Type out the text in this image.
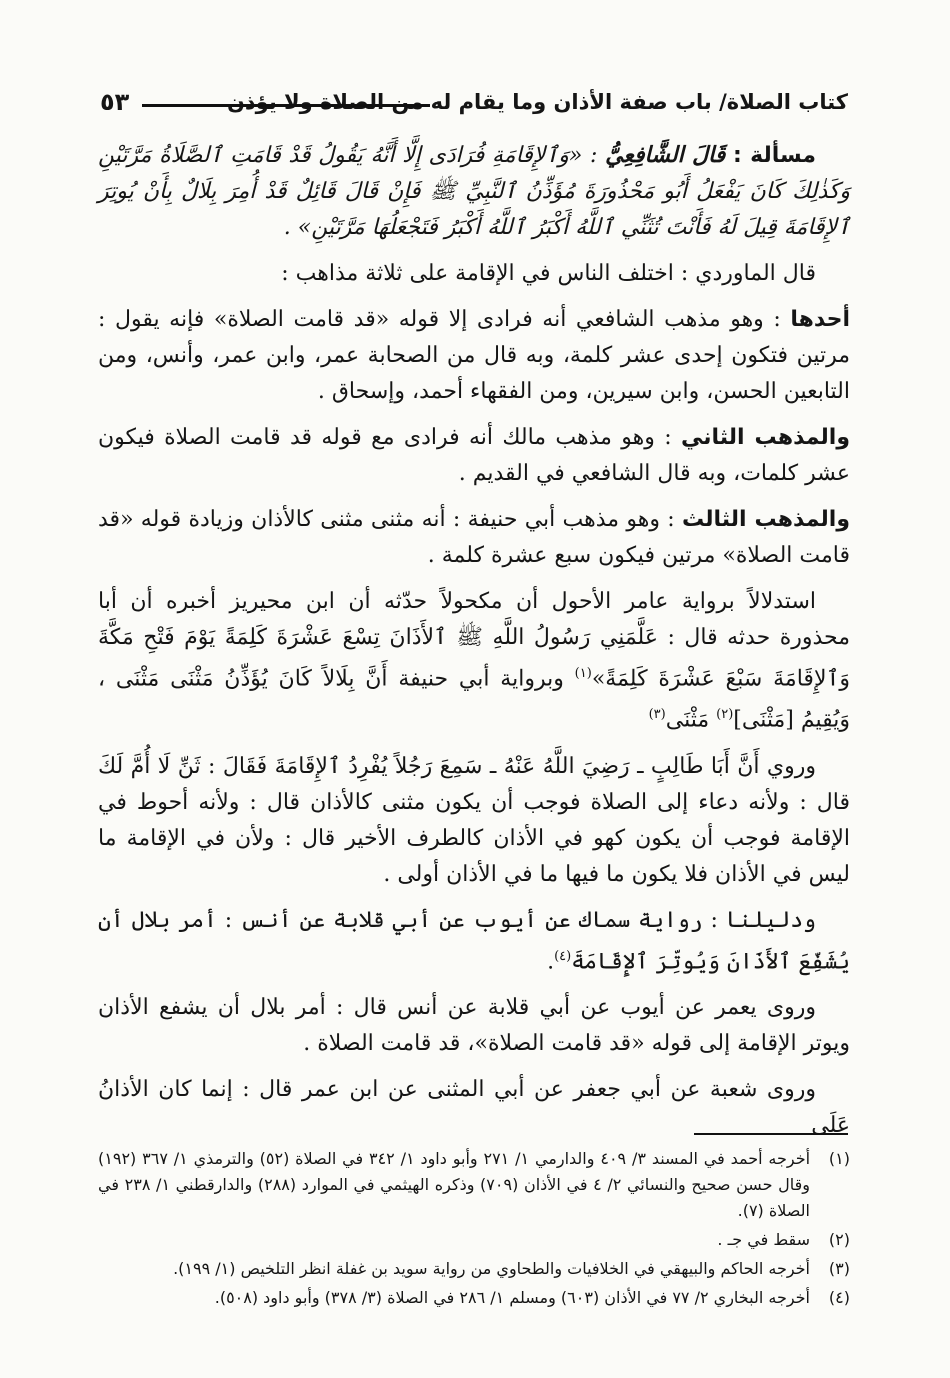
كتاب الصلاة/ باب صفة الأذان وما يقام له من الصلاة ولا يؤذن
٥٣

مسألة : قَالَ الشَّافِعِيُّ : «وَٱلإِقَامَةِ فُرَادَى إِلَّا أَنَّهُ يَقُولُ قَدْ قَامَتِ ٱلصَّلَاةُ مَرَّتَيْنِ وَكَذٰلِكَ كَانَ يَفْعَلُ أَبُو مَحْذُورَةَ مُؤَذِّنُ ٱلنَّبِيِّ ﷺ فَإِنْ قَالَ قَائِلٌ قَدْ أُمِرَ بِلَالٌ بِأَنْ يُوتِرَ ٱلإِقَامَةَ قِيلَ لَهُ فَأَنْتَ تُثَنِّي ٱللَّهُ أَكْبَرُ ٱللَّهُ أَكْبَرُ فَتَجْعَلُهَا مَرَّتَيْنِ» .

قال الماوردي : اختلف الناس في الإقامة على ثلاثة مذاهب :

أحدها : وهو مذهب الشافعي أنه فرادى إلا قوله «قد قامت الصلاة» فإنه يقول : مرتين فتكون إحدى عشر كلمة، وبه قال من الصحابة عمر، وابن عمر، وأنس، ومن التابعين الحسن، وابن سيرين، ومن الفقهاء أحمد، وإسحاق .

والمذهب الثاني : وهو مذهب مالك أنه فرادى مع قوله قد قامت الصلاة فيكون عشر كلمات، وبه قال الشافعي في القديم .

والمذهب الثالث : وهو مذهب أبي حنيفة : أنه مثنى مثنى كالأذان وزيادة قوله «قد قامت الصلاة» مرتين فيكون سبع عشرة كلمة .

استدلالاً برواية عامر الأحول أن مكحولاً حدّثه أن ابن محيريز أخبره أن أبا محذورة حدثه قال : عَلَّمَنِي رَسُولُ اللَّهِ ﷺ ٱلأَذَانَ تِسْعَ عَشْرَةَ كَلِمَةً يَوْمَ فَتْحِ مَكَّةَ وَٱلإِقَامَةَ سَبْعَ عَشْرَةَ كَلِمَةً»$^{(١)}$ وبرواية أبي حنيفة أَنَّ بِلَالاً كَانَ يُؤَذِّنُ مَثْنَى مَثْنَى ، وَيُقِيمُ [مَثْنَى]$^{(٢)}$ مَثْنَى$^{(٣)}$

وروي أَنَّ أَبَا طَالِبٍ ـ رَضِيَ اللَّهُ عَنْهُ ـ سَمِعَ رَجُلاً يُفْرِدُ ٱلإِقَامَةَ فَقَالَ : ثَنِّ لَا أُمَّ لَكَ قال : ولأنه دعاء إلى الصلاة فوجب أن يكون مثنى كالأذان قال : ولأنه أحوط في الإقامة فوجب أن يكون كهو في الأذان كالطرف الأخير قال : ولأن في الإقامة ما ليس في الأذان فلا يكون ما فيها ما في الأذان أولى .

ودليلنا : رواية سماك عن أيوب عن أبي قلابة عن أنس : أمر بلال أن يُشَفِّعَ ٱلأَذَانَ وَيُوتِّرَ ٱلإِقَامَةَ$^{(٤)}$.

وروى يعمر عن أيوب عن أبي قلابة عن أنس قال : أمر بلال أن يشفع الأذان ويوتر الإقامة إلى قوله «قد قامت الصلاة»، قد قامت الصلاة .

وروى شعبة عن أبي جعفر عن أبي المثنى عن ابن عمر قال : إنما كان الأذانُ عَلَى

(١)
أخرجه أحمد في المسند ٣/ ٤٠٩ والدارمي ١/ ٢٧١ وأبو داود ١/ ٣٤٢ في الصلاة (٥٢) والترمذي ١/ ٣٦٧ (١٩٢) وقال حسن صحيح والنسائي ٢/ ٤ في الأذان (٧٠٩) وذكره الهيثمي في الموارد (٢٨٨) والدارقطني ١/ ٢٣٨ في الصلاة (٧).
(٢)
سقط في جـ .
(٣)
أخرجه الحاكم والبيهقي في الخلافيات والطحاوي من رواية سويد بن غفلة انظر التلخيص (١/ ١٩٩).
(٤)
أخرجه البخاري ٢/ ٧٧ في الأذان (٦٠٣) ومسلم ١/ ٢٨٦ في الصلاة (٣/ ٣٧٨) وأبو داود (٥٠٨).
